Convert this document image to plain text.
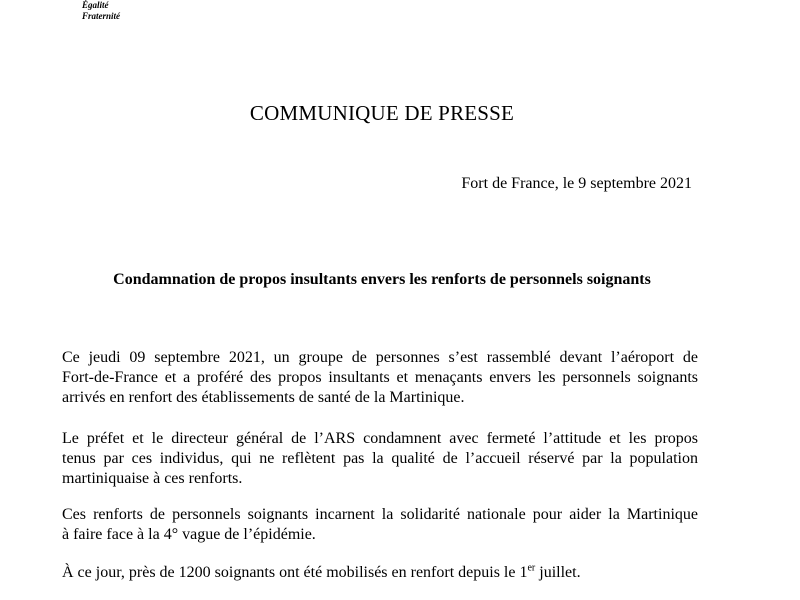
Égalité
Fraternité
COMMUNIQUE DE PRESSE
Fort de France, le 9 septembre 2021
Condamnation de propos insultants envers les renforts de personnels soignants
Ce jeudi 09 septembre 2021, un groupe de personnes s’est rassemblé devant l’aéroport de
Fort-de-France et a proféré des propos insultants et menaçants envers les personnels soignants
arrivés en renfort des établissements de santé de la Martinique.
Le préfet et le directeur général de l’ARS condamnent avec fermeté l’attitude et les propos
tenus par ces individus, qui ne reflètent pas la qualité de l’accueil réservé par la population
martiniquaise à ces renforts.
Ces renforts de personnels soignants incarnent la solidarité nationale pour aider la Martinique
à faire face à la 4° vague de l’épidémie.
À ce jour, près de 1200 soignants ont été mobilisés en renfort depuis le 1er juillet.
